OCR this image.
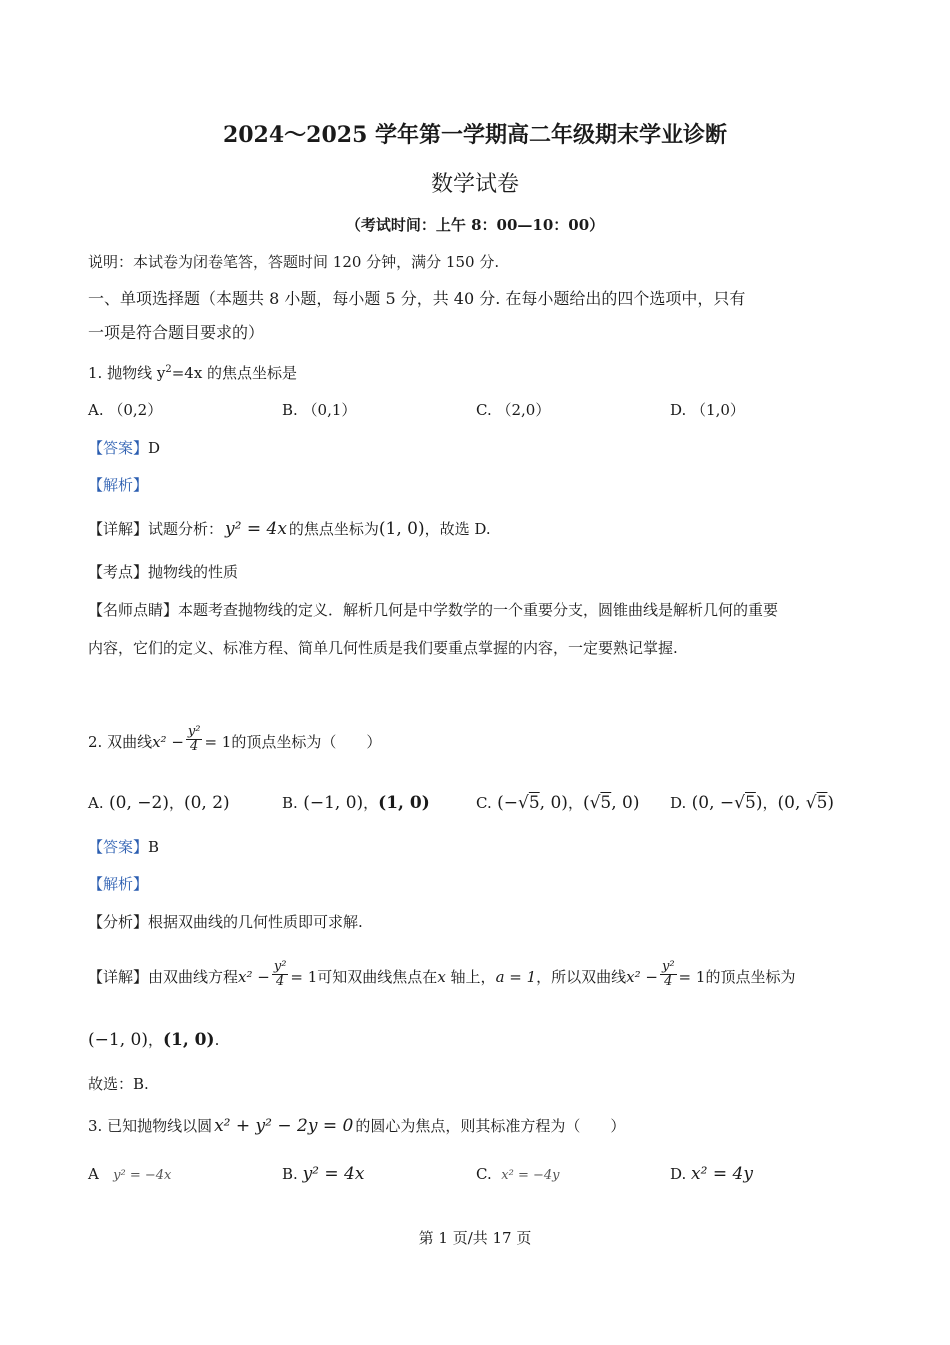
2024～2025 学年第一学期高二年级期末学业诊断
数学试卷
（考试时间：上午 8：00—10：00）
说明：本试卷为闭卷笔答，答题时间 120 分钟，满分 150 分.
一、单项选择题（本题共 8 小题，每小题 5 分，共 40 分. 在每小题给出的四个选项中，只有
一项是符合题目要求的）
1. 抛物线 $y^2=4x$ 的焦点坐标是
A. （0,2）	B. （0,1）	C. （2,0）	D. （1,0）
【答案】D
【解析】
【详解】试题分析： y² = 4x 的焦点坐标为(1, 0)，故选 D.
【考点】抛物线的性质
【名师点睛】本题考查抛物线的定义．解析几何是中学数学的一个重要分支，圆锥曲线是解析几何的重要
内容，它们的定义、标准方程、简单几何性质是我们要重点掌握的内容，一定要熟记掌握.
2. 双曲线$x^2 - \frac{\text{y²}}{4} = 1$的顶点坐标为（　　）
A. (0, −2)，(0, 2)	B. (−1, 0)，(1, 0)	C. (−√5, 0)，(√5, 0) D. (0, −√5)，(0, √5)
【答案】B
【解析】
【分析】根据双曲线的几何性质即可求解.
【详解】由双曲线方程$x^2 - \frac{\text{y²}}{4} = 1$可知双曲线焦点在x 轴上，a = 1，所以双曲线$x^2 - \frac{\text{y²}}{4} = 1$的顶点坐标为
(−1, 0)，(1, 0).
故选：B.
3. 已知抛物线以圆 x² + y² − 2y = 0 的圆心为焦点，则其标准方程为（　　）
A y² = −4x	B. y² = 4x	C. x² = −4y	D. x² = 4y
第 1 页/共 17 页
